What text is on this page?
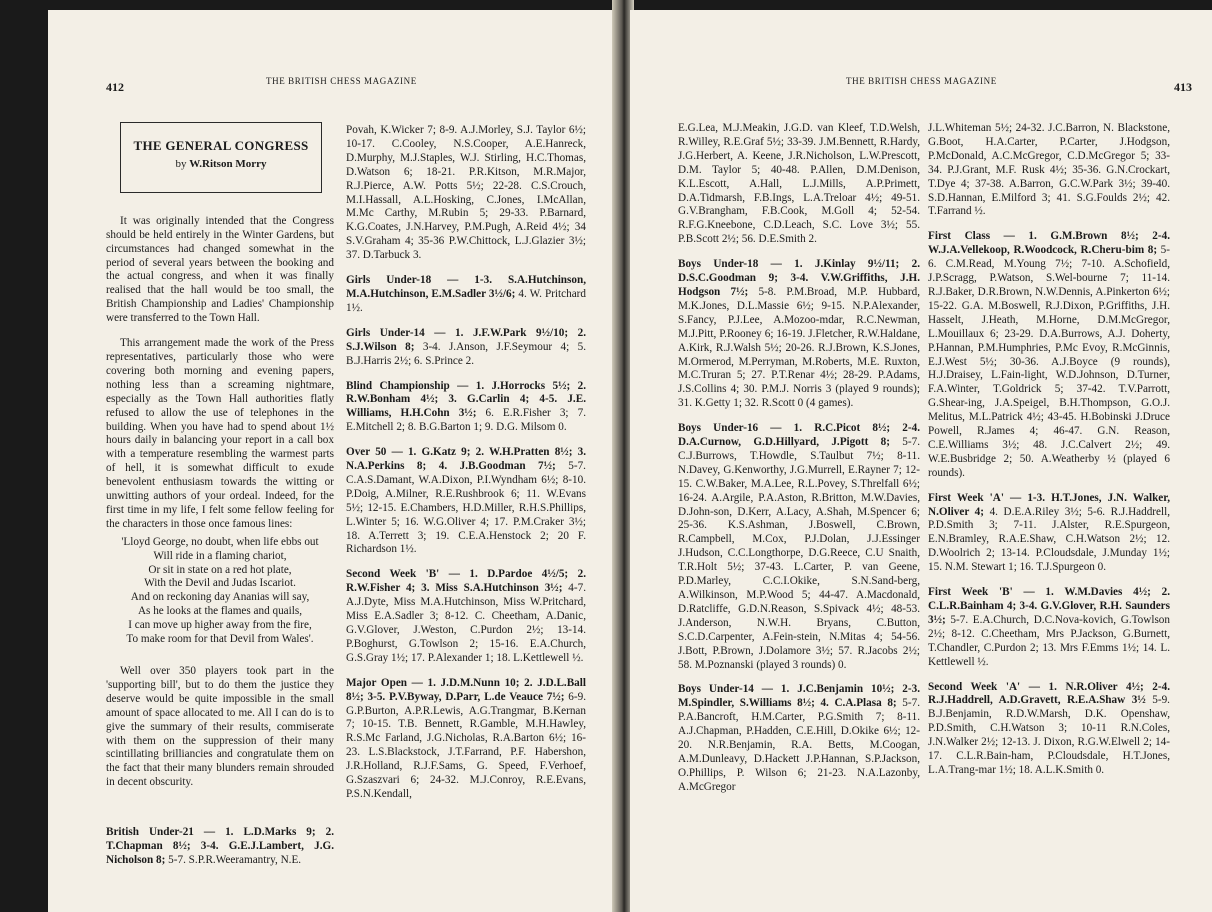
412	THE BRITISH CHESS MAGAZINE
THE GENERAL CONGRESS
by W.Ritson Morry

It was originally intended that the Congress should be held entirely in the Winter Gardens, but circumstances had changed somewhat in the period of several years between the booking and the actual congress, and when it was finally realised that the hall would be too small, the British Championship and Ladies' Championship were transferred to the Town Hall.

This arrangement made the work of the Press representatives, particularly those who were covering both morning and evening papers, nothing less than a screaming nightmare, especially as the Town Hall authorities flatly refused to allow the use of telephones in the building. When you have had to spend about 1½ hours daily in balancing your report in a call box with a temperature resembling the warmest parts of hell, it is somewhat difficult to exude benevolent enthusiasm towards the witting or unwitting authors of your ordeal. Indeed, for the first time in my life, I felt some fellow feeling for the characters in those once famous lines:

'Lloyd George, no doubt, when life ebbs out
Will ride in a flaming chariot,
Or sit in state on a red hot plate,
With the Devil and Judas Iscariot.
And on reckoning day Ananias will say,
As he looks at the flames and quails,
I can move up higher away from the fire,
To make room for that Devil from Wales'.

Well over 350 players took part in the 'supporting bill', but to do them the justice they deserve would be quite impossible in the small amount of space allocated to me. All I can do is to give the summary of their results, commiserate with them on the suppression of their many scintillating brilliancies and congratulate them on the fact that their many blunders remain shrouded in decent obscurity.

British Under-21 — 1. L.D.Marks 9; 2. T.Chapman 8½; 3-4. G.E.J.Lambert, J.G. Nicholson 8; 5-7. S.P.R.Weeramantry, N.E.

Povah, K.Wicker 7; 8-9. A.J.Morley, S.J. Taylor 6½; 10-17. C.Cooley, N.S.Cooper, A.E.Hanreck, D.Murphy, M.J.Staples, W.J. Stirling, H.C.Thomas, D.Watson 6; 18-21. P.R.Kitson, M.R.Major, R.J.Pierce, A.W. Potts 5½; 22-28. C.S.Crouch, M.I.Hassall, A.L.Hosking, C.Jones, I.McAllan, M.Mc Carthy, M.Rubin 5; 29-33. P.Barnard, K.G.Coates, J.N.Harvey, P.M.Pugh, A.Reid 4½; 34 S.V.Graham 4; 35-36 P.W.Chittock, L.J.Glazier 3½; 37. D.Tarbuck 3.

Girls Under-18 — 1-3. S.A.Hutchinson, M.A.Hutchinson, E.M.Sadler 3½/6; 4. W. Pritchard 1½.

Girls Under-14 — 1. J.F.W.Park 9½/10; 2. S.J.Wilson 8; 3-4. J.Anson, J.F.Seymour 4; 5. B.J.Harris 2½; 6. S.Prince 2.

Blind Championship — 1. J.Horrocks 5½; 2. R.W.Bonham 4½; 3. G.Carlin 4; 4-5. J.E. Williams, H.H.Cohn 3½; 6. E.R.Fisher 3; 7. E.Mitchell 2; 8. B.G.Barton 1; 9. D.G. Milsom 0.

Over 50 — 1. G.Katz 9; 2. W.H.Pratten 8½; 3. N.A.Perkins 8; 4. J.B.Goodman 7½; 5-7. C.A.S.Damant, W.A.Dixon, P.I.Wyndham 6½; 8-10. P.Doig, A.Milner, R.E.Rushbrook 6; 11. W.Evans 5½; 12-15. E.Chambers, H.D.Miller, R.H.S.Phillips, L.Winter 5; 16. W.G.Oliver 4; 17. P.M.Craker 3½; 18. A.Terrett 3; 19. C.E.A.Henstock 2; 20 F. Richardson 1½.

Second Week 'B' — 1. D.Pardoe 4½/5; 2. R.W.Fisher 4; 3. Miss S.A.Hutchinson 3½; 4-7. A.J.Dyte, Miss M.A.Hutchinson, Miss W.Pritchard, Miss E.A.Sadler 3; 8-12. C. Cheetham, A.Danic, G.V.Glover, J.Weston, C.Purdon 2½; 13-14. P.Boghurst, G.Towlson 2; 15-16. E.A.Church, G.S.Gray 1½; 17. P.Alexander 1; 18. L.Kettlewell ½.

Major Open — 1. J.D.M.Nunn 10; 2. J.D.L.Ball 8½; 3-5. P.V.Byway, D.Parr, L.de Veauce 7½; 6-9. G.P.Burton, A.P.R.Lewis, A.G.Trangmar, B.Kernan 7; 10-15. T.B. Bennett, R.Gamble, M.H.Hawley, R.S.Mc Farland, J.G.Nicholas, R.A.Barton 6½; 16-23. L.S.Blackstock, J.T.Farrand, P.F. Habershon, J.R.Holland, R.J.F.Sams, G. Speed, F.Verhoef, G.Szaszvari 6; 24-32. M.J.Conroy, R.E.Evans, P.S.N.Kendall,

THE BRITISH CHESS MAGAZINE	413

E.G.Lea, M.J.Meakin, J.G.D. van Kleef, T.D.Welsh, R.Willey, R.E.Graf 5½; 33-39. J.M.Bennett, R.Hardy, J.G.Herbert, A. Keene, J.R.Nicholson, L.W.Prescott, D.M. Taylor 5; 40-48. P.Allen, D.M.Denison, K.L.Escott, A.Hall, L.J.Mills, A.P.Primett, D.A.Tidmarsh, F.B.Ings, L.A.Treloar 4½; 49-51. G.V.Brangham, F.B.Cook, M.Goll 4; 52-54. R.F.G.Kneebone, C.D.Leach, S.C. Love 3½; 55. P.B.Scott 2½; 56. D.E.Smith 2.

Boys Under-18 — 1. J.Kinlay 9½/11; 2. D.S.C.Goodman 9; 3-4. V.W.Griffiths, J.H. Hodgson 7½; 5-8. P.M.Broad, M.P. Hubbard, M.K.Jones, D.L.Massie 6½; 9-15. N.P.Alexander, S.Fancy, P.J.Lee, A.Mozoo-mdar, R.C.Newman, M.J.Pitt, P.Rooney 6; 16-19. J.Fletcher, R.W.Haldane, A.Kirk, R.J.Walsh 5½; 20-26. R.J.Brown, K.S.Jones, M.Ormerod, M.Perryman, M.Roberts, M.E. Ruxton, M.C.Truran 5; 27. P.T.Renar 4½; 28-29. P.Adams, J.S.Collins 4; 30. P.M.J. Norris 3 (played 9 rounds); 31. K.Getty 1; 32. R.Scott 0 (4 games).

Boys Under-16 — 1. R.C.Picot 8½; 2-4. D.A.Curnow, G.D.Hillyard, J.Pigott 8; 5-7. C.J.Burrows, T.Howdle, S.Taulbut 7½; 8-11. N.Davey, G.Kenworthy, J.G.Murrell, E.Rayner 7; 12-15. C.W.Baker, M.A.Lee, R.L.Povey, S.Threlfall 6½; 16-24. A.Argile, P.A.Aston, R.Britton, M.W.Davies, D.John-son, D.Kerr, A.Lacy, A.Shah, M.Spencer 6; 25-36. K.S.Ashman, J.Boswell, C.Brown, R.Campbell, M.Cox, P.J.Dolan, J.J.Essinger J.Hudson, C.C.Longthorpe, D.G.Reece, C.U Snaith, T.R.Holt 5½; 37-43. L.Carter, P. van Geene, P.D.Marley, C.C.I.Okike, S.N.Sand-berg, A.Wilkinson, M.P.Wood 5; 44-47. A.Macdonald, D.Ratcliffe, G.D.N.Reason, S.Spivack 4½; 48-53. J.Anderson, N.W.H. Bryans, C.Button, S.C.D.Carpenter, A.Fein-stein, N.Mitas 4; 54-56. J.Bott, P.Brown, J.Dolamore 3½; 57. R.Jacobs 2½; 58. M.Poznanski (played 3 rounds) 0.

Boys Under-14 — 1. J.C.Benjamin 10½; 2-3. M.Spindler, S.Williams 8½; 4. C.A.Plasa 8; 5-7. P.A.Bancroft, H.M.Carter, P.G.Smith 7; 8-11. A.J.Chapman, P.Hadden, C.E.Hill, D.Okike 6½; 12-20. N.R.Benjamin, R.A. Betts, M.Coogan, A.M.Dunleavy, D.Hackett J.P.Hannan, S.P.Jackson, O.Phillips, P. Wilson 6; 21-23. N.A.Lazonby, A.McGregor

J.L.Whiteman 5½; 24-32. J.C.Barron, N. Blackstone, G.Boot, H.A.Carter, P.Carter, J.Hodgson, P.McDonald, A.C.McGregor, C.D.McGregor 5; 33-34. P.J.Grant, M.F. Rusk 4½; 35-36. G.N.Crockart, T.Dye 4; 37-38. A.Barron, G.C.W.Park 3½; 39-40. S.D.Hannan, E.Milford 3; 41. S.G.Foulds 2½; 42. T.Farrand ½.

First Class — 1. G.M.Brown 8½; 2-4. W.J.A.Vellekoop, R.Woodcock, R.Cheru-bim 8; 5-6. C.M.Read, M.Young 7½; 7-10. A.Schofield, J.P.Scragg, P.Watson, S.Wel-bourne 7; 11-14. R.J.Baker, D.R.Brown, N.W.Dennis, A.Pinkerton 6½; 15-22. G.A. M.Boswell, R.J.Dixon, P.Griffiths, J.H. Hasselt, J.Heath, M.Horne, D.M.McGregor, L.Mouillaux 6; 23-29. D.A.Burrows, A.J. Doherty, P.Hannan, P.M.Humphries, P.Mc Evoy, R.McGinnis, E.J.West 5½; 30-36. A.J.Boyce (9 rounds), H.J.Draisey, L.Fain-light, W.D.Johnson, D.Turner, F.A.Winter, T.Goldrick 5; 37-42. T.V.Parrott, G.Shear-ing, J.A.Speigel, B.H.Thompson, G.O.J. Melitus, M.L.Patrick 4½; 43-45. H.Bobinski J.Druce Powell, R.James 4; 46-47. G.N. Reason, C.E.Williams 3½; 48. J.C.Calvert 2½; 49. W.E.Busbridge 2; 50. A.Weatherby ½ (played 6 rounds).

First Week 'A' — 1-3. H.T.Jones, J.N. Walker, N.Oliver 4; 4. D.E.A.Riley 3½; 5-6. R.J.Haddrell, P.D.Smith 3; 7-11. J.Alster, R.E.Spurgeon, E.N.Bramley, R.A.E.Shaw, C.H.Watson 2½; 12. D.Woolrich 2; 13-14. P.Cloudsdale, J.Munday 1½; 15. N.M. Stewart 1; 16. T.J.Spurgeon 0.

First Week 'B' — 1. W.M.Davies 4½; 2. C.L.R.Bainham 4; 3-4. G.V.Glover, R.H. Saunders 3½; 5-7. E.A.Church, D.C.Nova-kovich, G.Towlson 2½; 8-12. C.Cheetham, Mrs P.Jackson, G.Burnett, T.Chandler, C.Purdon 2; 13. Mrs F.Emms 1½; 14. L. Kettlewell ½.

Second Week 'A' — 1. N.R.Oliver 4½; 2-4. R.J.Haddrell, A.D.Gravett, R.E.A.Shaw 3½ 5-9. B.J.Benjamin, R.D.W.Marsh, D.K. Openshaw, P.D.Smith, C.H.Watson 3; 10-11 R.N.Coles, J.N.Walker 2½; 12-13. J. Dixon, R.G.W.Elwell 2; 14-17. C.L.R.Bain-ham, P.Cloudsdale, H.T.Jones, L.A.Trang-mar 1½; 18. A.L.K.Smith 0.
